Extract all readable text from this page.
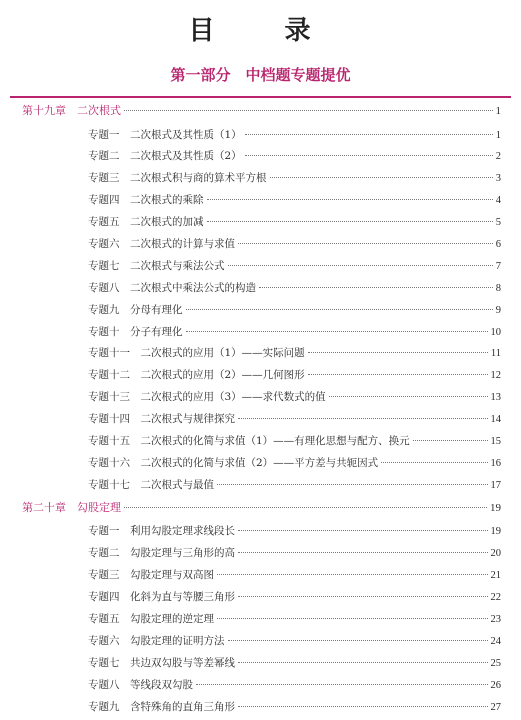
目　录
第一部分　中档题专题提优
第十九章　二次根式	1
专题一　二次根式及其性质（1）	1
专题二　二次根式及其性质（2）	2
专题三　二次根式积与商的算术平方根	3
专题四　二次根式的乘除	4
专题五　二次根式的加减	5
专题六　二次根式的计算与求值	6
专题七　二次根式与乘法公式	7
专题八　二次根式中乘法公式的构造	8
专题九　分母有理化	9
专题十　分子有理化	10
专题十一　二次根式的应用（1）——实际问题	11
专题十二　二次根式的应用（2）——几何图形	12
专题十三　二次根式的应用（3）——求代数式的值	13
专题十四　二次根式与规律探究	14
专题十五　二次根式的化简与求值（1）——有理化思想与配方、换元	15
专题十六　二次根式的化简与求值（2）——平方差与共轭因式	16
专题十七　二次根式与最值	17
第二十章　勾股定理	19
专题一　利用勾股定理求线段长	19
专题二　勾股定理与三角形的高	20
专题三　勾股定理与双高图	21
专题四　化斜为直与等腰三角形	22
专题五　勾股定理的逆定理	23
专题六　勾股定理的证明方法	24
专题七　共边双勾股与等差幂线	25
专题八　等线段双勾股	26
专题九　含特殊角的直角三角形	27
